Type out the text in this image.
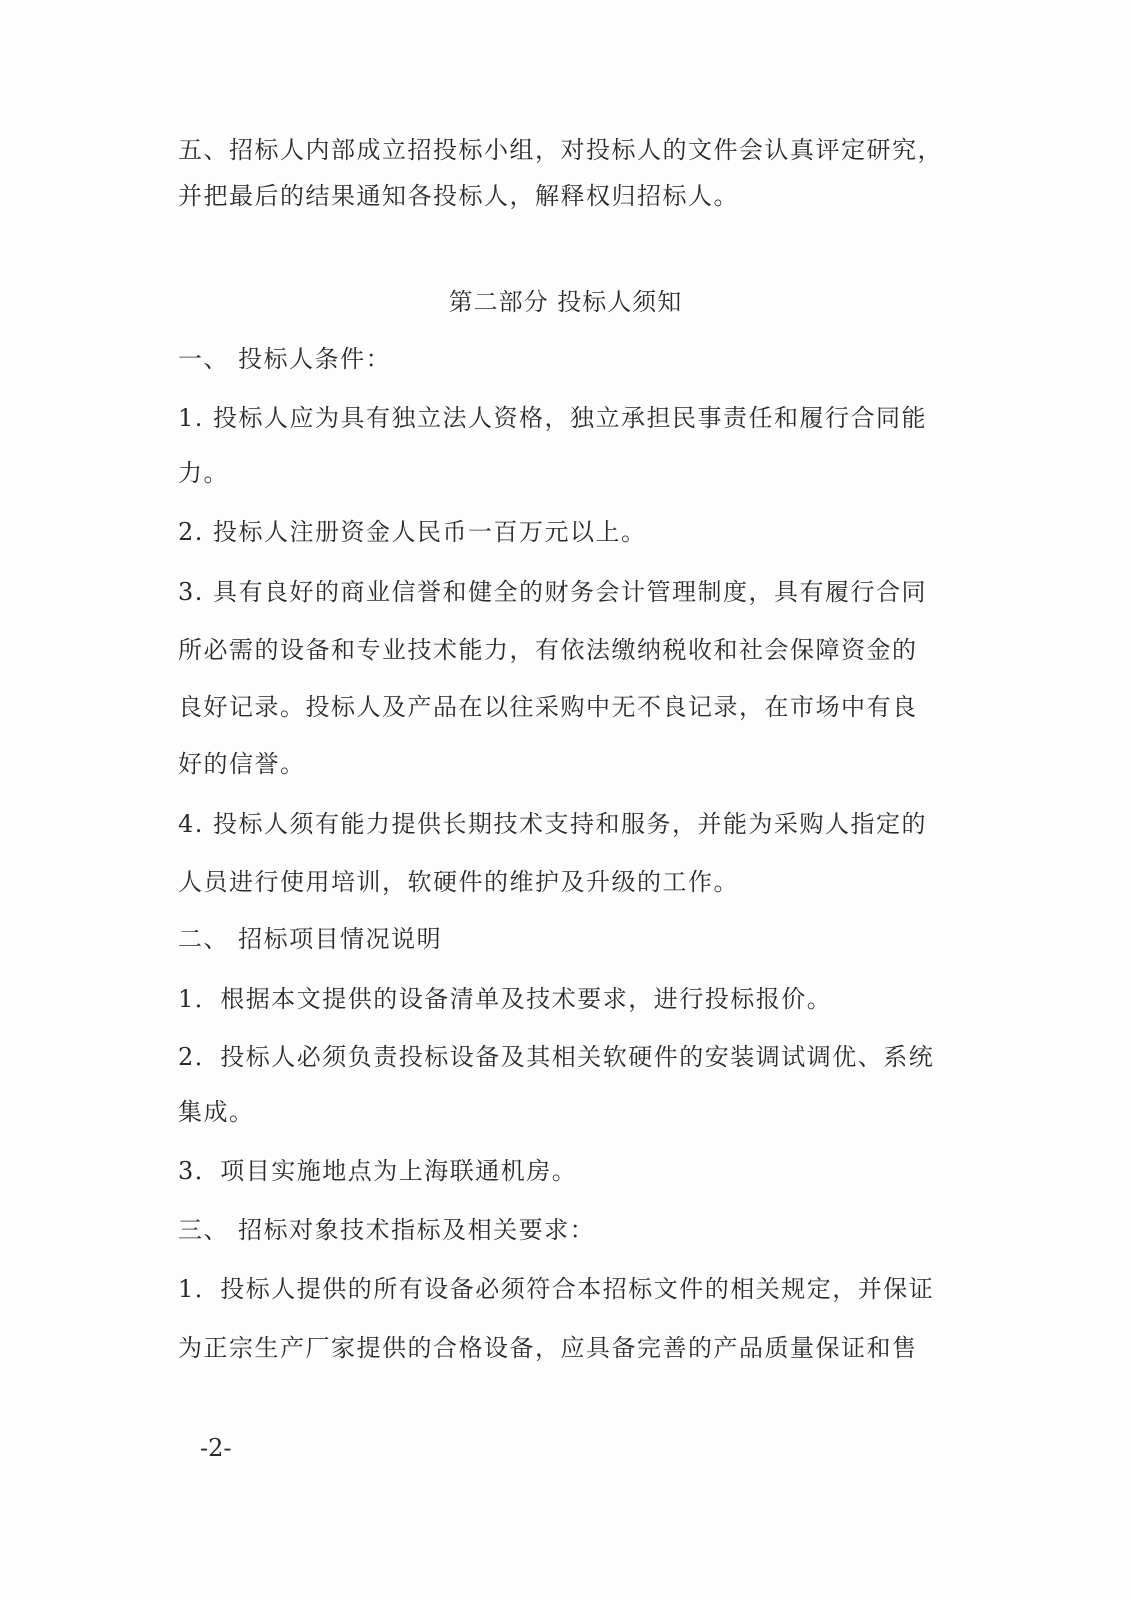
五、招标人内部成立招投标小组，对投标人的文件会认真评定研究，

并把最后的结果通知各投标人，解释权归招标人。

第二部分 投标人须知

一、 投标人条件：

1. 投标人应为具有独立法人资格，独立承担民事责任和履行合同能

力。

2. 投标人注册资金人民币一百万元以上。

3. 具有良好的商业信誉和健全的财务会计管理制度，具有履行合同

所必需的设备和专业技术能力，有依法缴纳税收和社会保障资金的

良好记录。投标人及产品在以往采购中无不良记录，在市场中有良

好的信誉。

4. 投标人须有能力提供长期技术支持和服务，并能为采购人指定的

人员进行使用培训，软硬件的维护及升级的工作。

二、 招标项目情况说明

1．根据本文提供的设备清单及技术要求，进行投标报价。

2．投标人必须负责投标设备及其相关软硬件的安装调试调优、系统

集成。

3．项目实施地点为上海联通机房。

三、 招标对象技术指标及相关要求：

1．投标人提供的所有设备必须符合本招标文件的相关规定，并保证

为正宗生产厂家提供的合格设备，应具备完善的产品质量保证和售

-2-
